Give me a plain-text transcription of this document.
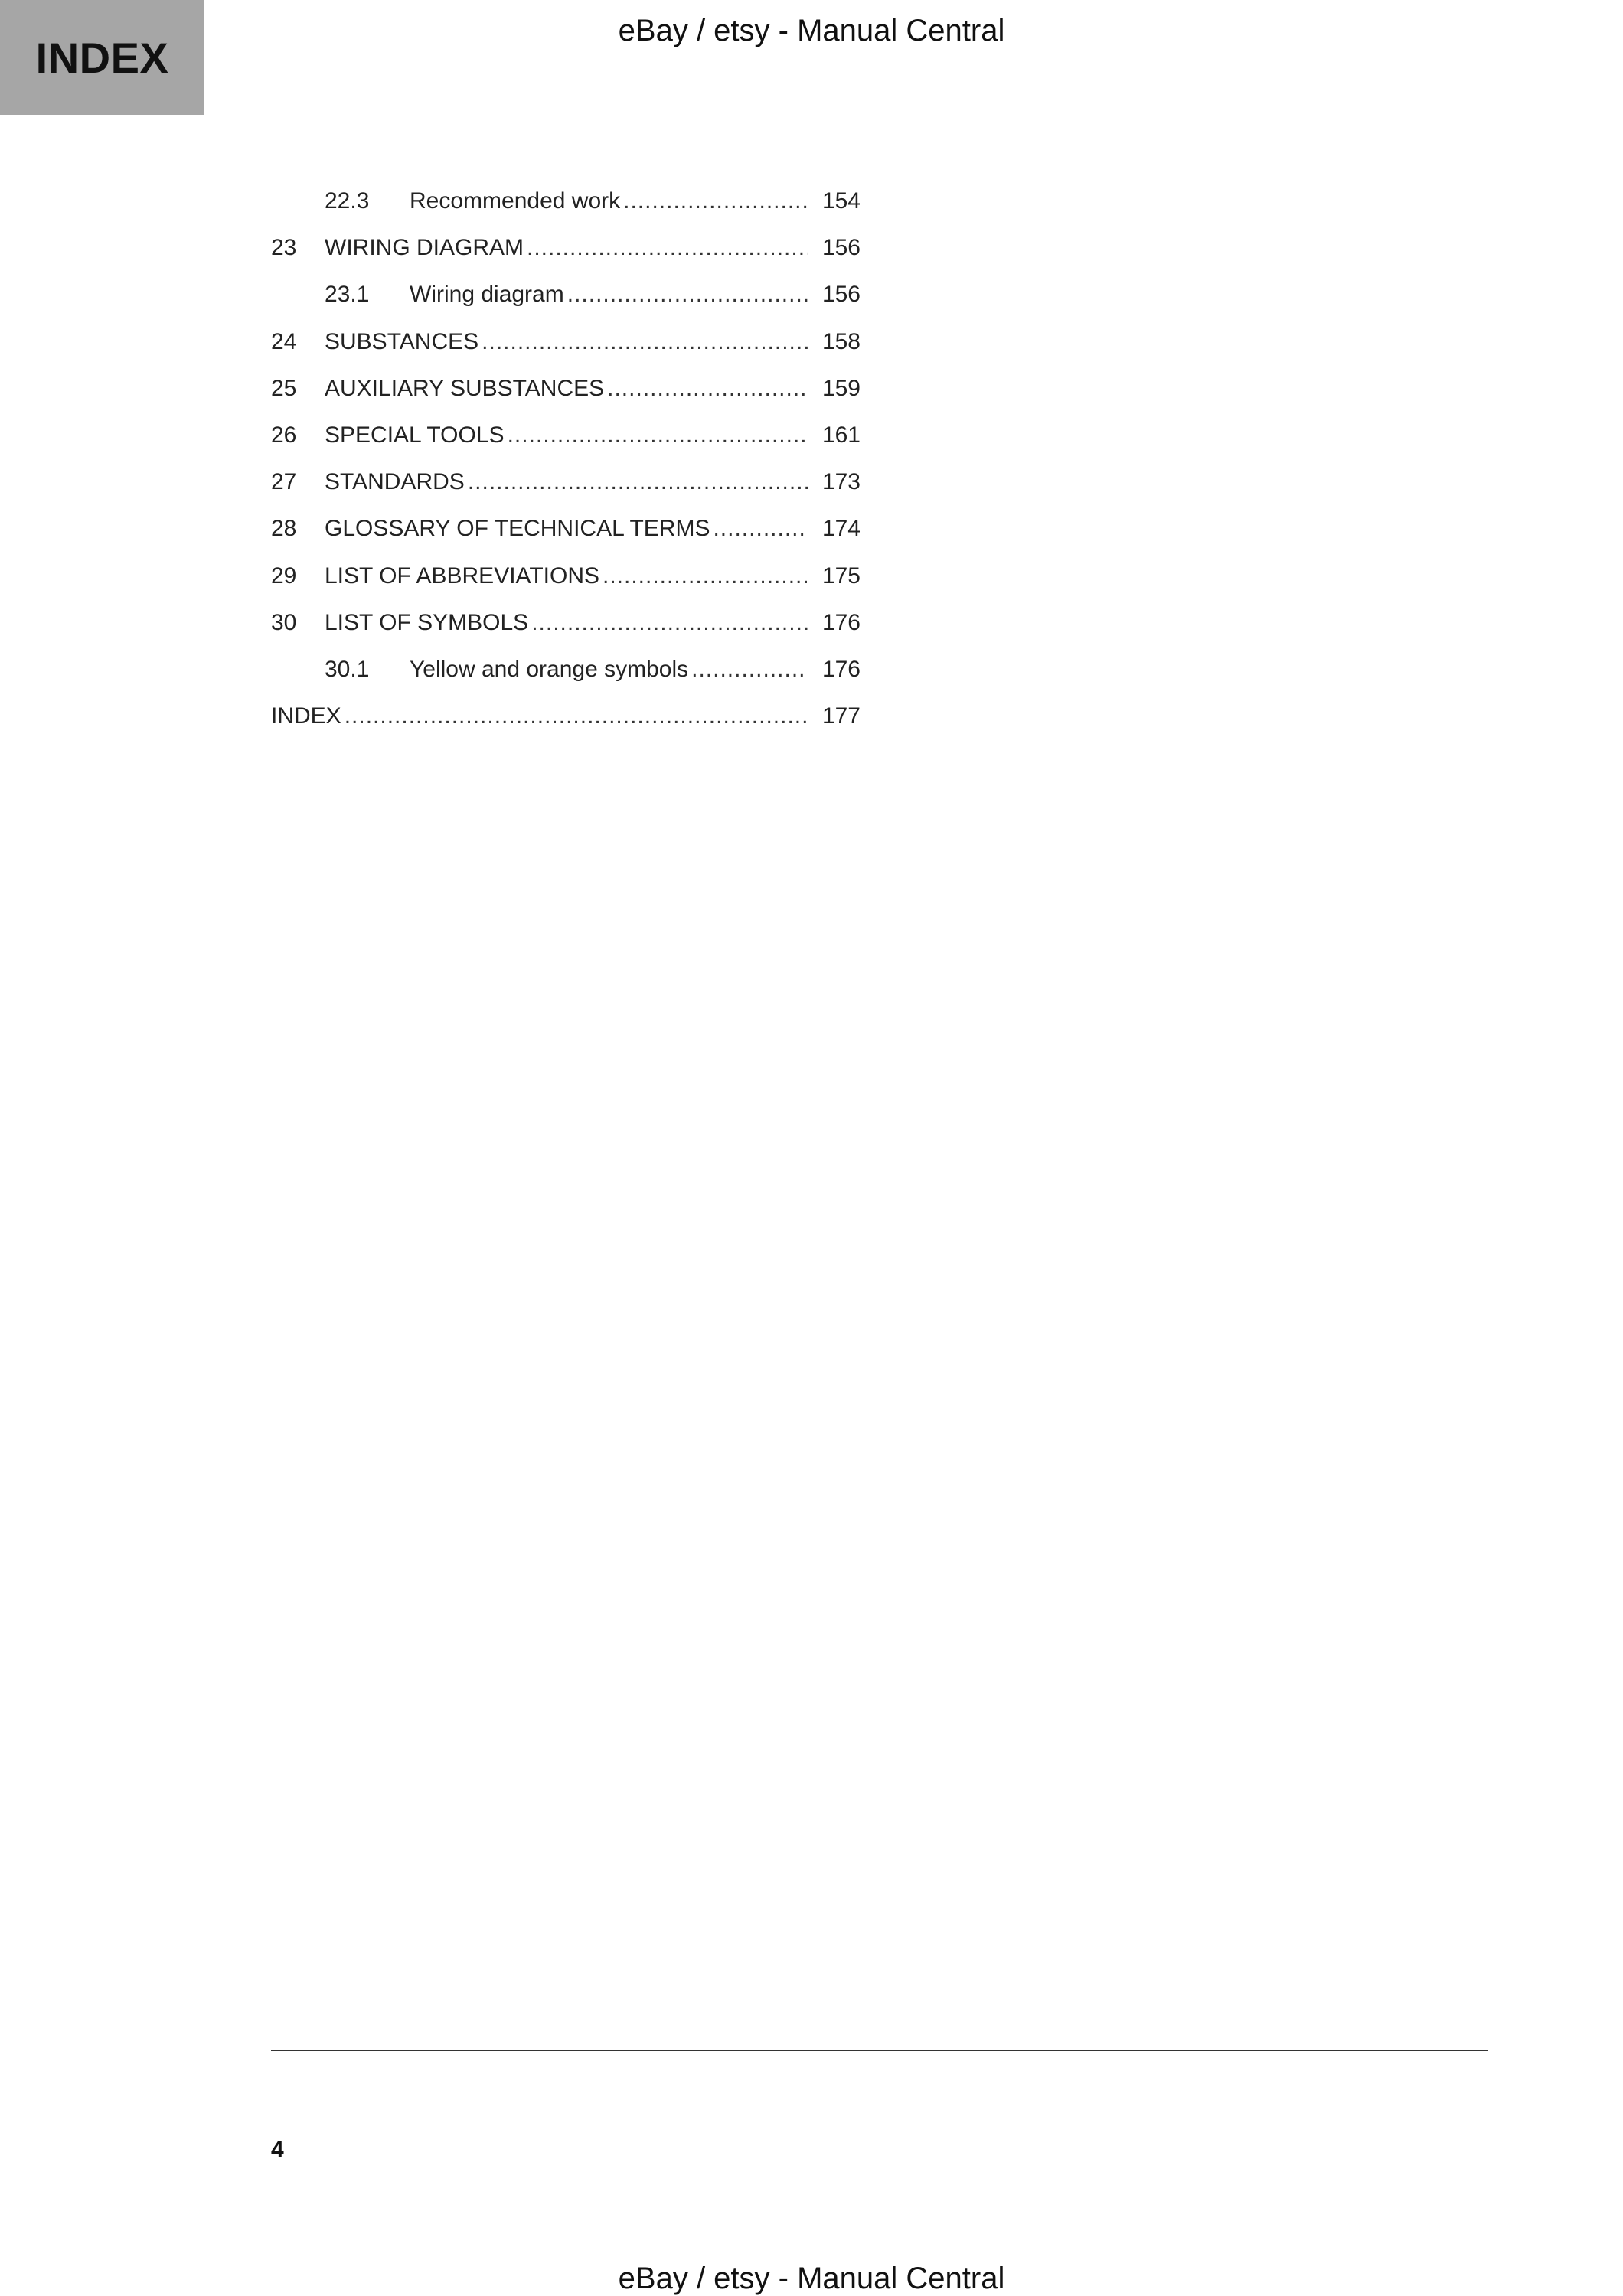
INDEX
eBay / etsy - Manual Central
22.3 Recommended work .....	154
23 WIRING DIAGRAM .....	156
23.1 Wiring diagram .....	156
24 SUBSTANCES .....	158
25 AUXILIARY SUBSTANCES .....	159
26 SPECIAL TOOLS .....	161
27 STANDARDS .....	173
28 GLOSSARY OF TECHNICAL TERMS .....	174
29 LIST OF ABBREVIATIONS .....	175
30 LIST OF SYMBOLS .....	176
30.1 Yellow and orange symbols .....	176
INDEX .....	177
4
eBay / etsy - Manual Central
